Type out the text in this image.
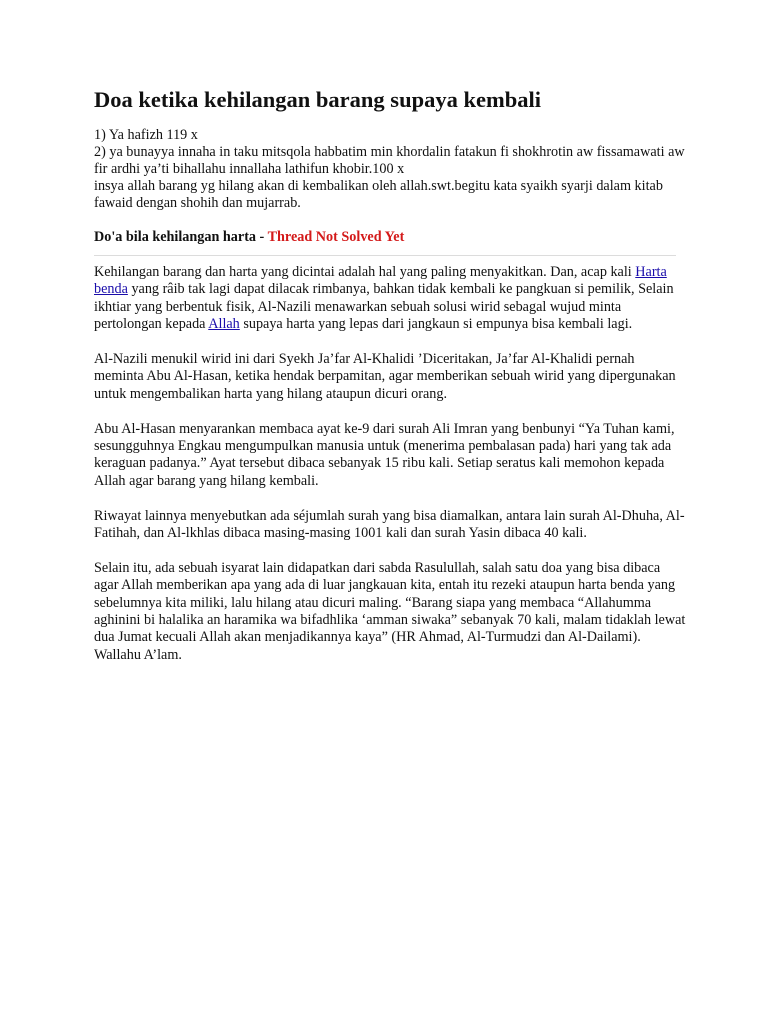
Doa ketika kehilangan barang supaya kembali

1) Ya hafizh 119 x

2) ya bunayya innaha in taku mitsqola habbatim min khordalin fatakun fi shokhrotin aw fissamawati aw fir ardhi ya’ti bihallahu innallaha lathifun khobir.100 x

insya allah barang yg hilang akan di kembalikan oleh allah.swt.begitu kata syaikh syarji dalam kitab fawaid dengan shohih dan mujarrab.

Do'a bila kehilangan harta - Thread Not Solved Yet

Kehilangan barang dan harta yang dicintai adalah hal yang paling menyakitkan. Dan, acap kali Harta benda yang râib tak lagi dapat dilacak rimbanya, bahkan tidak kembali ke pangkuan si pemilik, Selain ikhtiar yang berbentuk fisik, Al-Nazili menawarkan sebuah solusi wirid sebagal wujud minta pertolongan kepada Allah supaya harta yang lepas dari jangkaun si empunya bisa kembali lagi.

Al-Nazili menukil wirid ini dari Syekh Ja’far Al-Khalidi ’Diceritakan, Ja’far Al-Khalidi pernah meminta Abu Al-Hasan, ketika hendak berpamitan, agar memberikan sebuah wirid yang dipergunakan untuk mengembalikan harta yang hilang ataupun dicuri orang.

Abu Al-Hasan menyarankan membaca ayat ke-9 dari surah Ali Imran yang benbunyi “Ya Tuhan kami, sesungguhnya Engkau mengumpulkan manusia untuk (menerima pembalasan pada) hari yang tak ada keraguan padanya.” Ayat tersebut dibaca sebanyak 15 ribu kali. Setiap seratus kali memohon kepada Allah agar barang yang hilang kembali.

Riwayat lainnya menyebutkan ada séjumlah surah yang bisa diamalkan, antara lain surah Al-Dhuha, Al-Fatihah, dan Al-lkhlas dibaca masing-masing 1001 kali dan surah Yasin dibaca 40 kali.

Selain itu, ada sebuah isyarat lain didapatkan dari sabda Rasulullah, salah satu doa yang bisa dibaca agar Allah memberikan apa yang ada di luar jangkauan kita, entah itu rezeki ataupun harta benda yang sebelumnya kita miliki, lalu hilang atau dicuri maling. “Barang siapa yang membaca “Allahumma aghinini bi halalika an haramika wa bifadhlika ‘amman siwaka” sebanyak 70 kali, malam tidaklah lewat dua Jumat kecuali Allah akan menjadikannya kaya” (HR Ahmad, Al-Turmudzi dan Al-Dailami). Wallahu A’lam.
